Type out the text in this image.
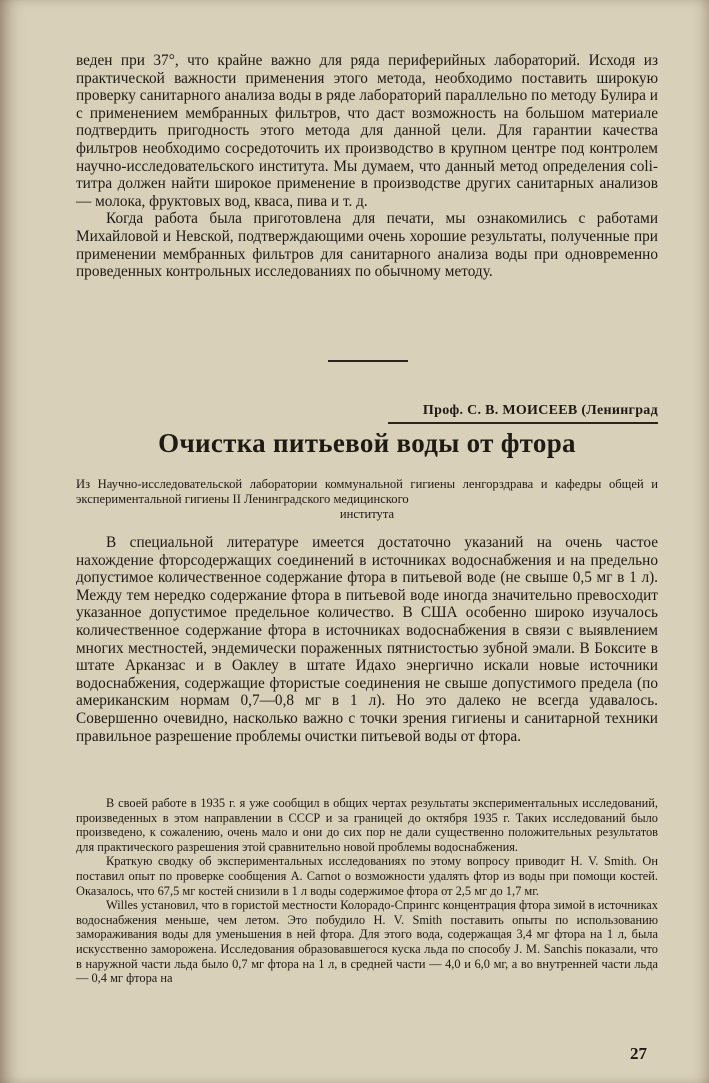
веден при 37°, что крайне важно для ряда периферийных лабораторий. Исходя из практической важности применения этого метода, необходимо поставить широкую проверку санитарного анализа воды в ряде лабораторий параллельно по методу Булира и с применением мембранных фильтров, что даст возможность на большом материале подтвердить пригодность этого метода для данной цели. Для гарантии качества фильтров необходимо сосредоточить их производство в крупном центре под контролем научно-исследовательского института. Мы думаем, что данный метод определения coli-титра должен найти широкое применение в производстве других санитарных анализов — молока, фруктовых вод, кваса, пива и т. д.

Когда работа была приготовлена для печати, мы ознакомились с работами Михайловой и Невской, подтверждающими очень хорошие результаты, полученные при применении мембранных фильтров для санитарного анализа воды при одновременно проведенных контрольных исследованиях по обычному методу.

Проф. С. В. МОИСЕЕВ (Ленинград
Очистка питьевой воды от фтора
Из Научно-исследовательской лаборатории коммунальной гигиены ленгорздрава и кафедры общей и экспериментальной гигиены II Ленинградского медицинского
института

В специальной литературе имеется достаточно указаний на очень частое нахождение фторсодержащих соединений в источниках водоснабжения и на предельно допустимое количественное содержание фтора в питьевой воде (не свыше 0,5 мг в 1 л). Между тем нередко содержание фтора в питьевой воде иногда значительно превосходит указанное допустимое предельное количество. В США особенно широко изучалось количественное содержание фтора в источниках водоснабжения в связи с выявлением многих местностей, эндемически пораженных пятнистостью зубной эмали. В Боксите в штате Арканзас и в Оаклеу в штате Идахо энергично искали новые источники водоснабжения, содержащие фтористые соединения не свыше допустимого предела (по американским нормам 0,7—0,8 мг в 1 л). Но это далеко не всегда удавалось. Совершенно очевидно, насколько важно с точки зрения гигиены и санитарной техники правильное разрешение проблемы очистки питьевой воды от фтора.

В своей работе в 1935 г. я уже сообщил в общих чертах результаты экспериментальных исследований, произведенных в этом направлении в СССР и за границей до октября 1935 г. Таких исследований было произведено, к сожалению, очень мало и они до сих пор не дали существенно положительных результатов для практического разрешения этой сравнительно новой проблемы водоснабжения.

Краткую сводку об экспериментальных исследованиях по этому вопросу приводит H. V. Smith. Он поставил опыт по проверке сообщения A. Carnot о возможности удалять фтор из воды при помощи костей. Оказалось, что 67,5 мг костей снизили в 1 л воды содержимое фтора от 2,5 мг до 1,7 мг.

Willes установил, что в гористой местности Колорадо-Спрингс концентрация фтора зимой в источниках водоснабжения меньше, чем летом. Это побудило H. V. Smith поставить опыты по использованию замораживания воды для уменьшения в ней фтора. Для этого вода, содержащая 3,4 мг фтора на 1 л, была искусственно заморожена. Исследования образовавшегося куска льда по способу J. M. Sanchis показали, что в наружной части льда было 0,7 мг фтора на 1 л, в средней части — 4,0 и 6,0 мг, а во внутренней части льда — 0,4 мг фтора на

27
